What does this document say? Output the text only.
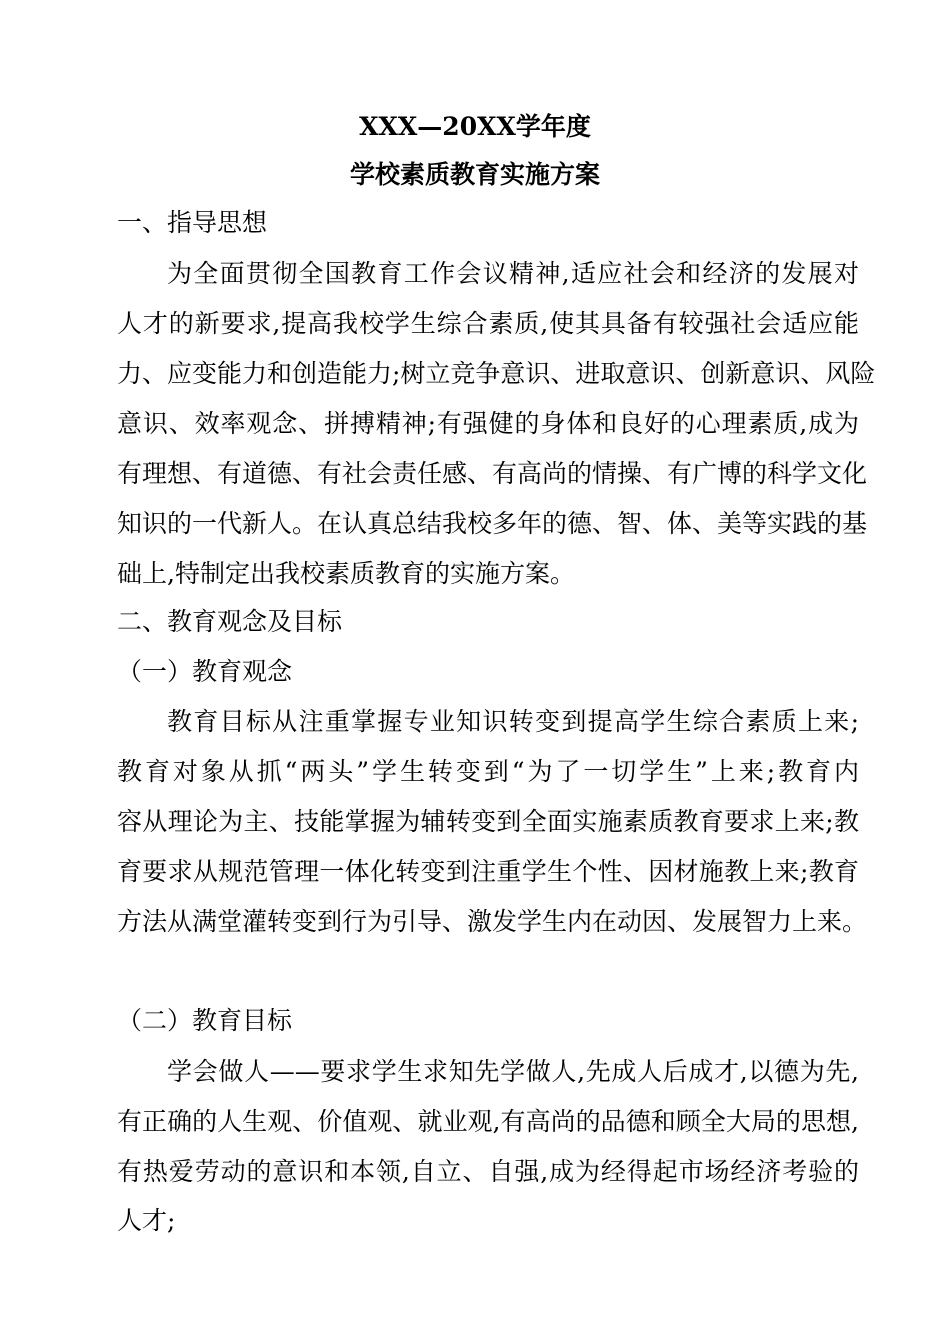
XXX—20XX学年度
学校素质教育实施方案
一、指导思想
为全面贯彻全国教育工作会议精神,适应社会和经济的发展对
人才的新要求,提高我校学生综合素质,使其具备有较强社会适应能
力、应变能力和创造能力;树立竞争意识、进取意识、创新意识、风险
意识、效率观念、拼搏精神;有强健的身体和良好的心理素质,成为
有理想、有道德、有社会责任感、有高尚的情操、有广博的科学文化
知识的一代新人。在认真总结我校多年的德、智、体、美等实践的基
础上,特制定出我校素质教育的实施方案。
二、教育观念及目标
（一）教育观念
教育目标从注重掌握专业知识转变到提高学生综合素质上来;
教育对象从抓“两头”学生转变到“为了一切学生”上来;教育内
容从理论为主、技能掌握为辅转变到全面实施素质教育要求上来;教
育要求从规范管理一体化转变到注重学生个性、因材施教上来;教育
方法从满堂灌转变到行为引导、激发学生内在动因、发展智力上来。
（二）教育目标
学会做人——要求学生求知先学做人,先成人后成才,以德为先,
有正确的人生观、价值观、就业观,有高尚的品德和顾全大局的思想,
有热爱劳动的意识和本领,自立、自强,成为经得起市场经济考验的
人才;
